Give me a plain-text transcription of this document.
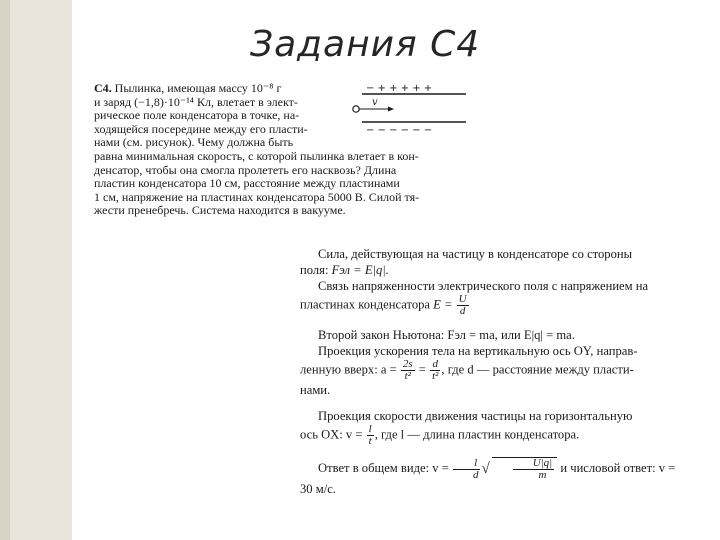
Задания С4

С4. Пылинка, имеющая массу 10⁻⁸ г

и заряд (−1,8)·10⁻¹⁴ Кл, влетает в элект-

рическое поле конденсатора в точке, на-

ходящейся посередине между его пласти-

нами (см. рисунок). Чему должна быть

равна минимальная скорость, с которой пылинка влетает в кон-

денсатор, чтобы она смогла пролететь его насквозь? Длина

пластин конденсатора 10 см, расстояние между пластинами

1 см, напряжение на пластинах конденсатора 5000 В. Силой тя-

жести пренебречь. Система находится в вакууме.

− + + + + +
v
− − − − − −

Сила, действующая на частицу в конденсаторе со стороны

поля: Fэл = E|q|.

Связь напряженности электрического поля с напряжением на

пластинах конденсатора $E = \frac{U}{d}$

Второй закон Ньютона: Fэл = ma, или E|q| = ma.

Проекция ускорения тела на вертикальную ось OY, направ-

ленную вверх: $a = \frac{2s}{\text{t²}} = \frac{d}{\text{t²}}$ , где d — расстояние между пласти-

нами.

Проекция скорости движения частицы на горизонтальную

ось OX: $v = \frac{l}{t}$ , где l — длина пластин конденсатора.

Ответ в общем виде: $v = \frac{l}{d}$ √ $\frac{U|q|}{m}$ и числовой ответ: v = 30 м/с.
